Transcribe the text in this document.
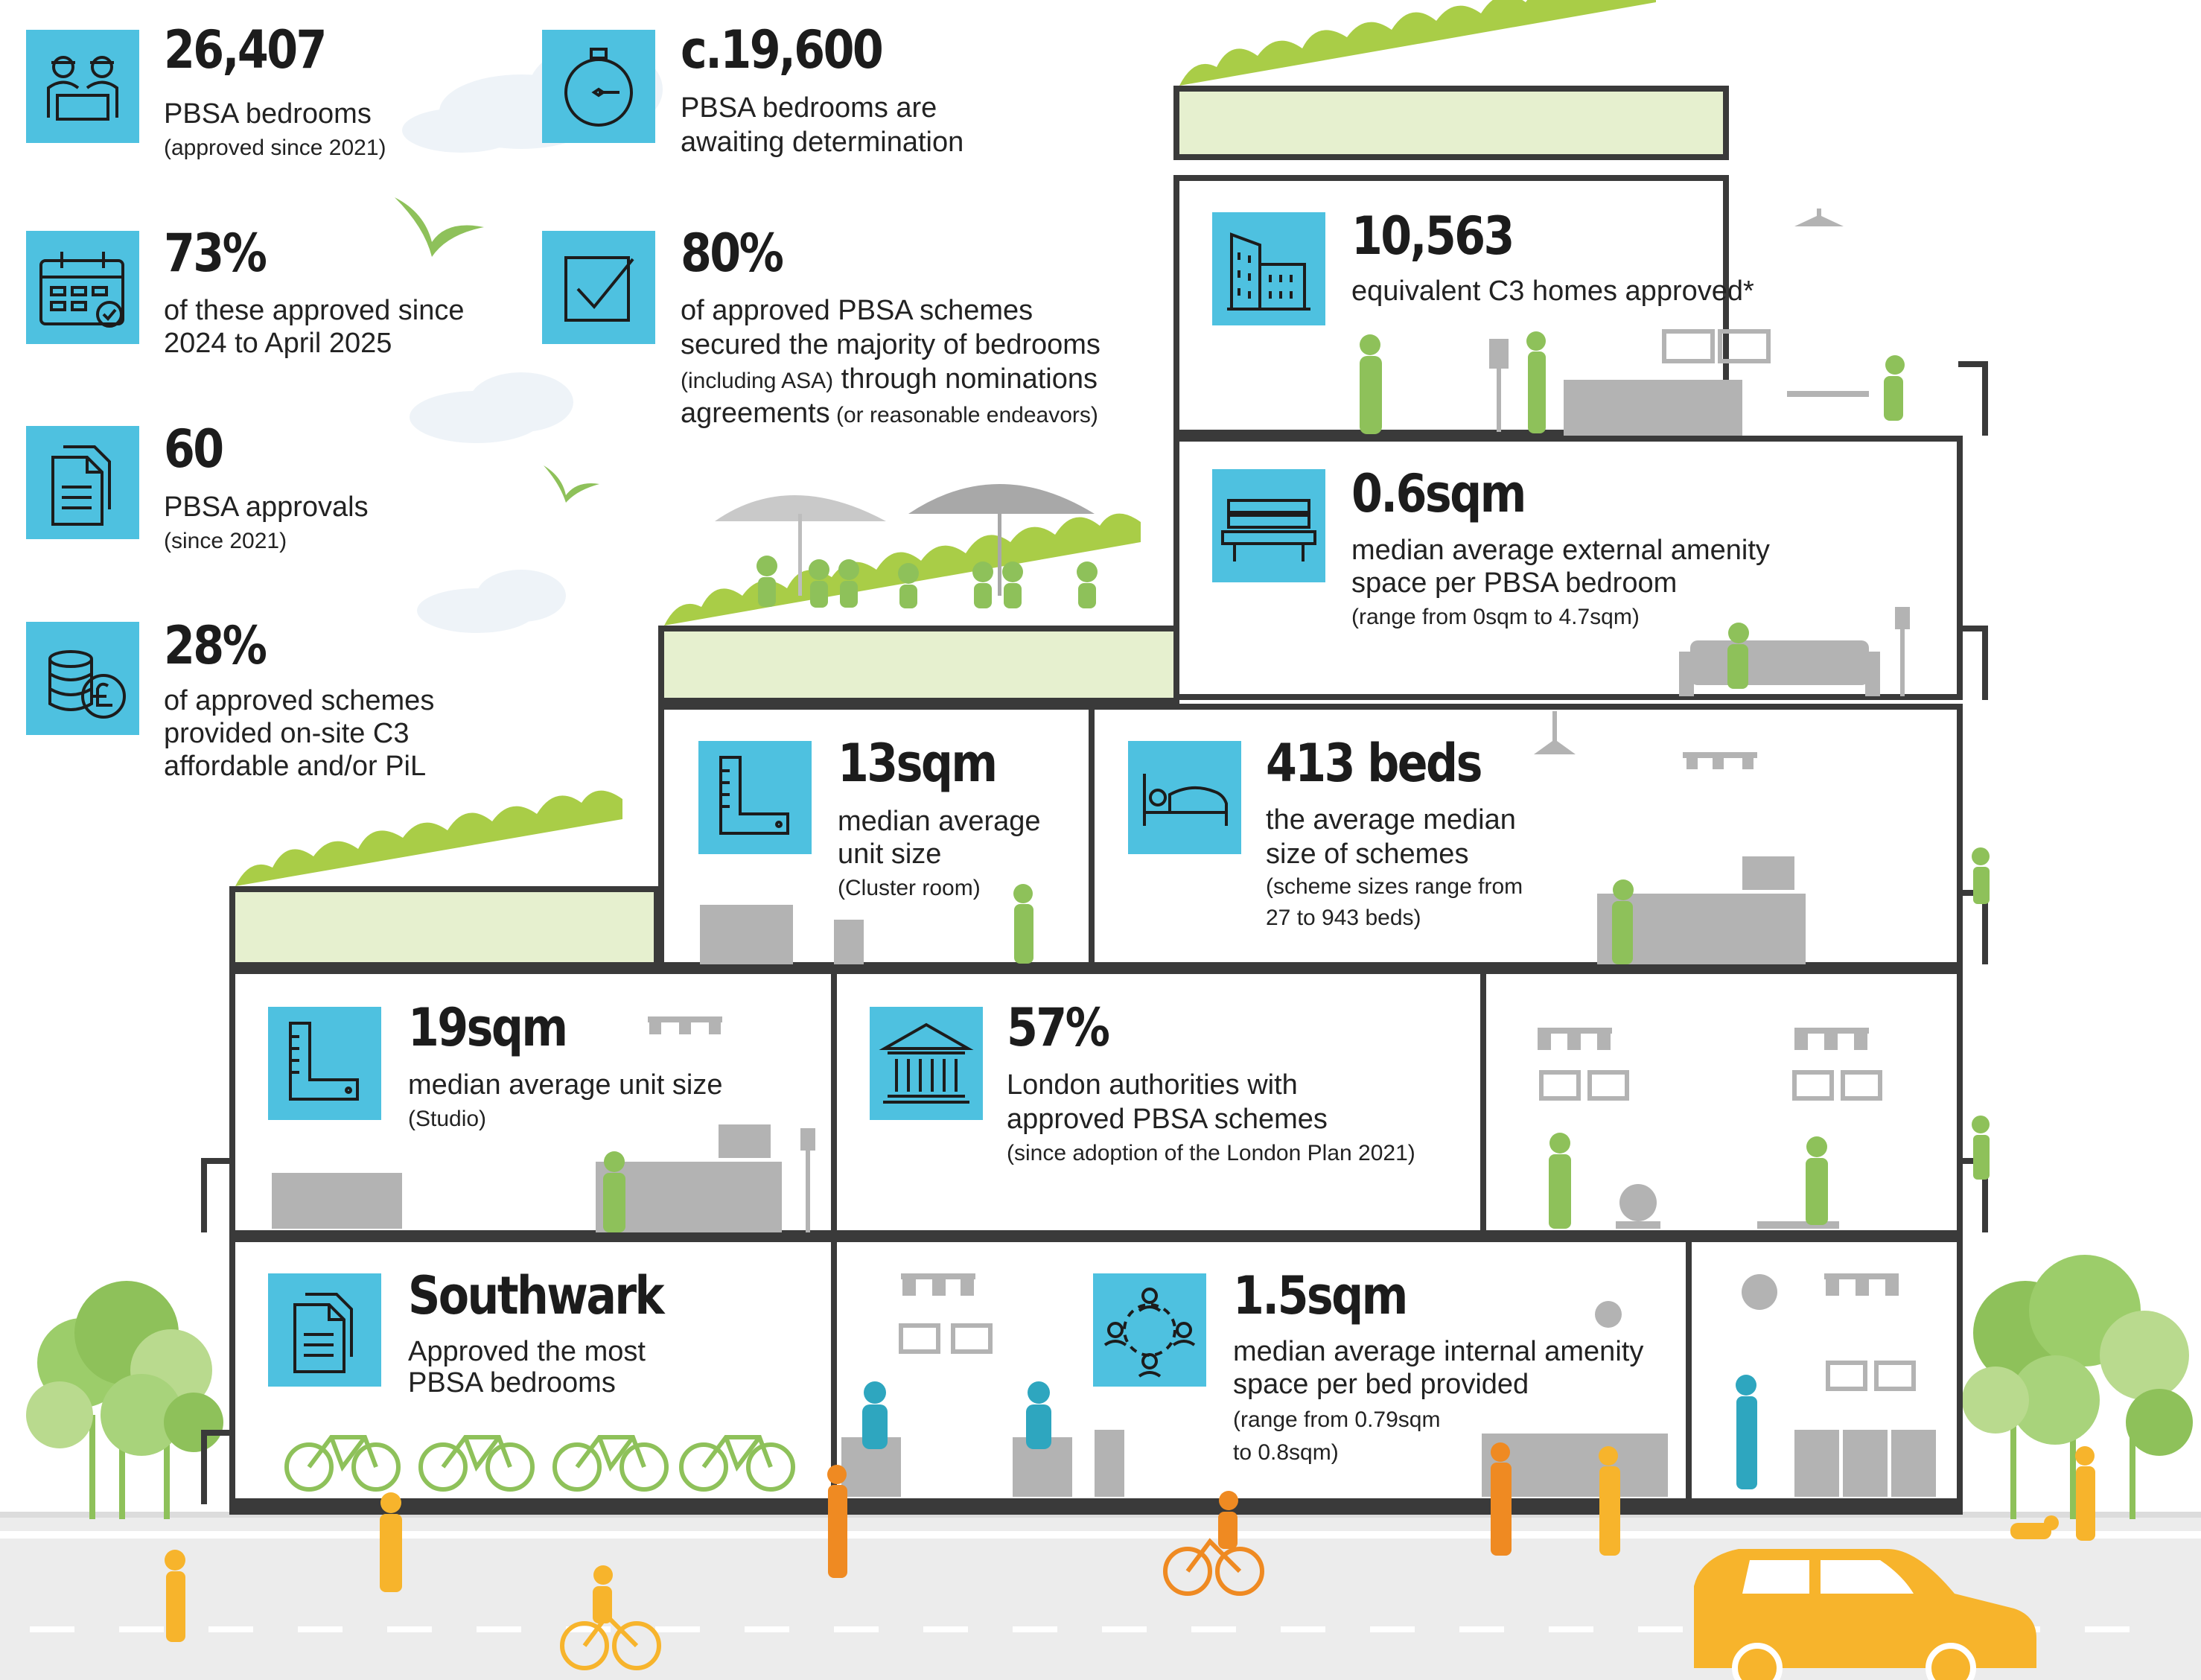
26,407
PBSA bedrooms
(approved since 2021)
c.19,600
PBSA bedrooms are
awaiting determination
73%
of these approved since
2024 to April 2025
80%
of approved PBSA schemes
secured the majority of bedrooms
(including ASA) through nominations
agreements (or reasonable endeavors)
60
PBSA approvals
(since 2021)
28%
of approved schemes
provided on-site C3
affordable and/or PiL
10,563
equivalent C3 homes approved*
0.6sqm
median average external amenity
space per PBSA bedroom
(range from 0sqm to 4.7sqm)
13sqm
median average
unit size
(Cluster room)
413 beds
the average median
size of schemes
(scheme sizes range from
27 to 943 beds)
19sqm
median average unit size
(Studio)
57%
London authorities with
approved PBSA schemes
(since adoption of the London Plan 2021)
Southwark
Approved the most
PBSA bedrooms
1.5sqm
median average internal amenity
space per bed provided
(range from 0.79sqm
to 0.8sqm)
